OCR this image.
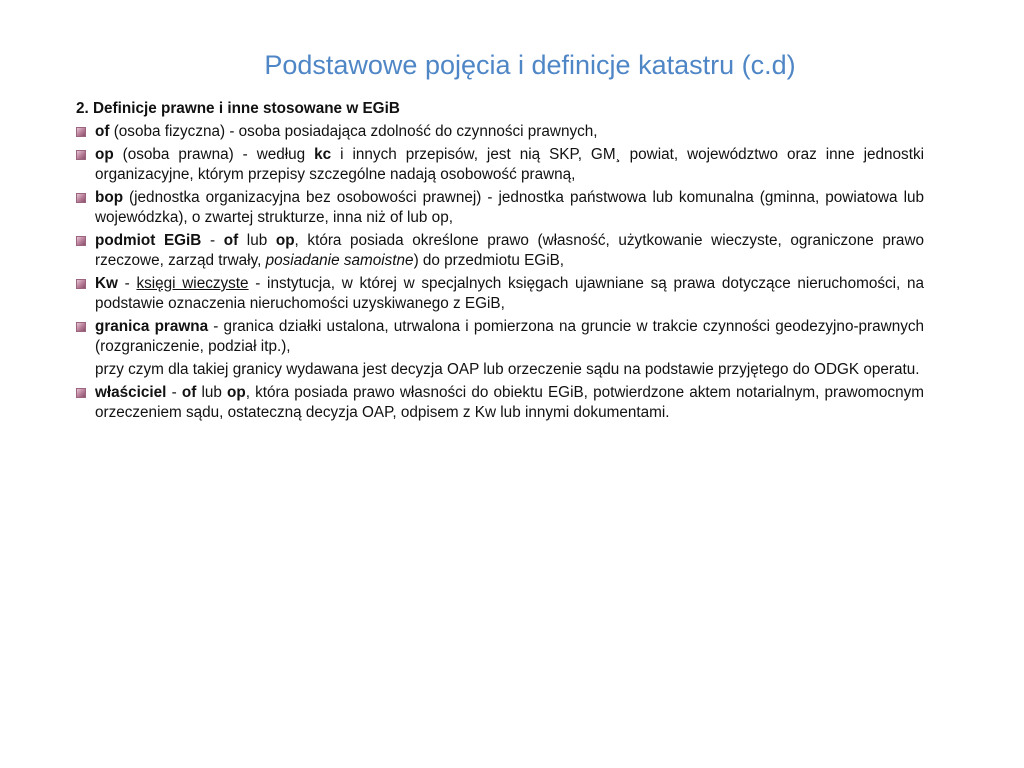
Podstawowe pojęcia i definicje katastru (c.d)
2. Definicje prawne i inne stosowane w EGiB
of (osoba fizyczna) - osoba posiadająca zdolność do czynności prawnych,
op (osoba prawna) - według kc i innych przepisów, jest nią SKP, GM¸ powiat, województwo oraz inne jednostki organizacyjne, którym przepisy szczególne nadają osobowość prawną,
bop (jednostka organizacyjna bez osobowości prawnej) - jednostka państwowa lub komunalna (gminna, powiatowa lub wojewódzka), o zwartej strukturze, inna niż of lub op,
podmiot EGiB - of lub op, która posiada określone prawo (własność, użytkowanie wieczyste, ograniczone prawo rzeczowe, zarząd trwały, posiadanie samoistne) do przedmiotu EGiB,
Kw - księgi wieczyste - instytucja, w której w specjalnych księgach ujawniane są prawa dotyczące nieruchomości, na podstawie oznaczenia nieruchomości uzyskiwanego z EGiB,
granica prawna - granica działki ustalona, utrwalona i pomierzona na gruncie w trakcie czynności geodezyjno-prawnych (rozgraniczenie, podział itp.),
przy czym dla takiej granicy wydawana jest decyzja OAP lub orzeczenie sądu na podstawie przyjętego do ODGK operatu.
właściciel - of lub op, która posiada prawo własności do obiektu EGiB, potwierdzone aktem notarialnym, prawomocnym orzeczeniem sądu, ostateczną decyzja OAP, odpisem z Kw lub innymi dokumentami.
